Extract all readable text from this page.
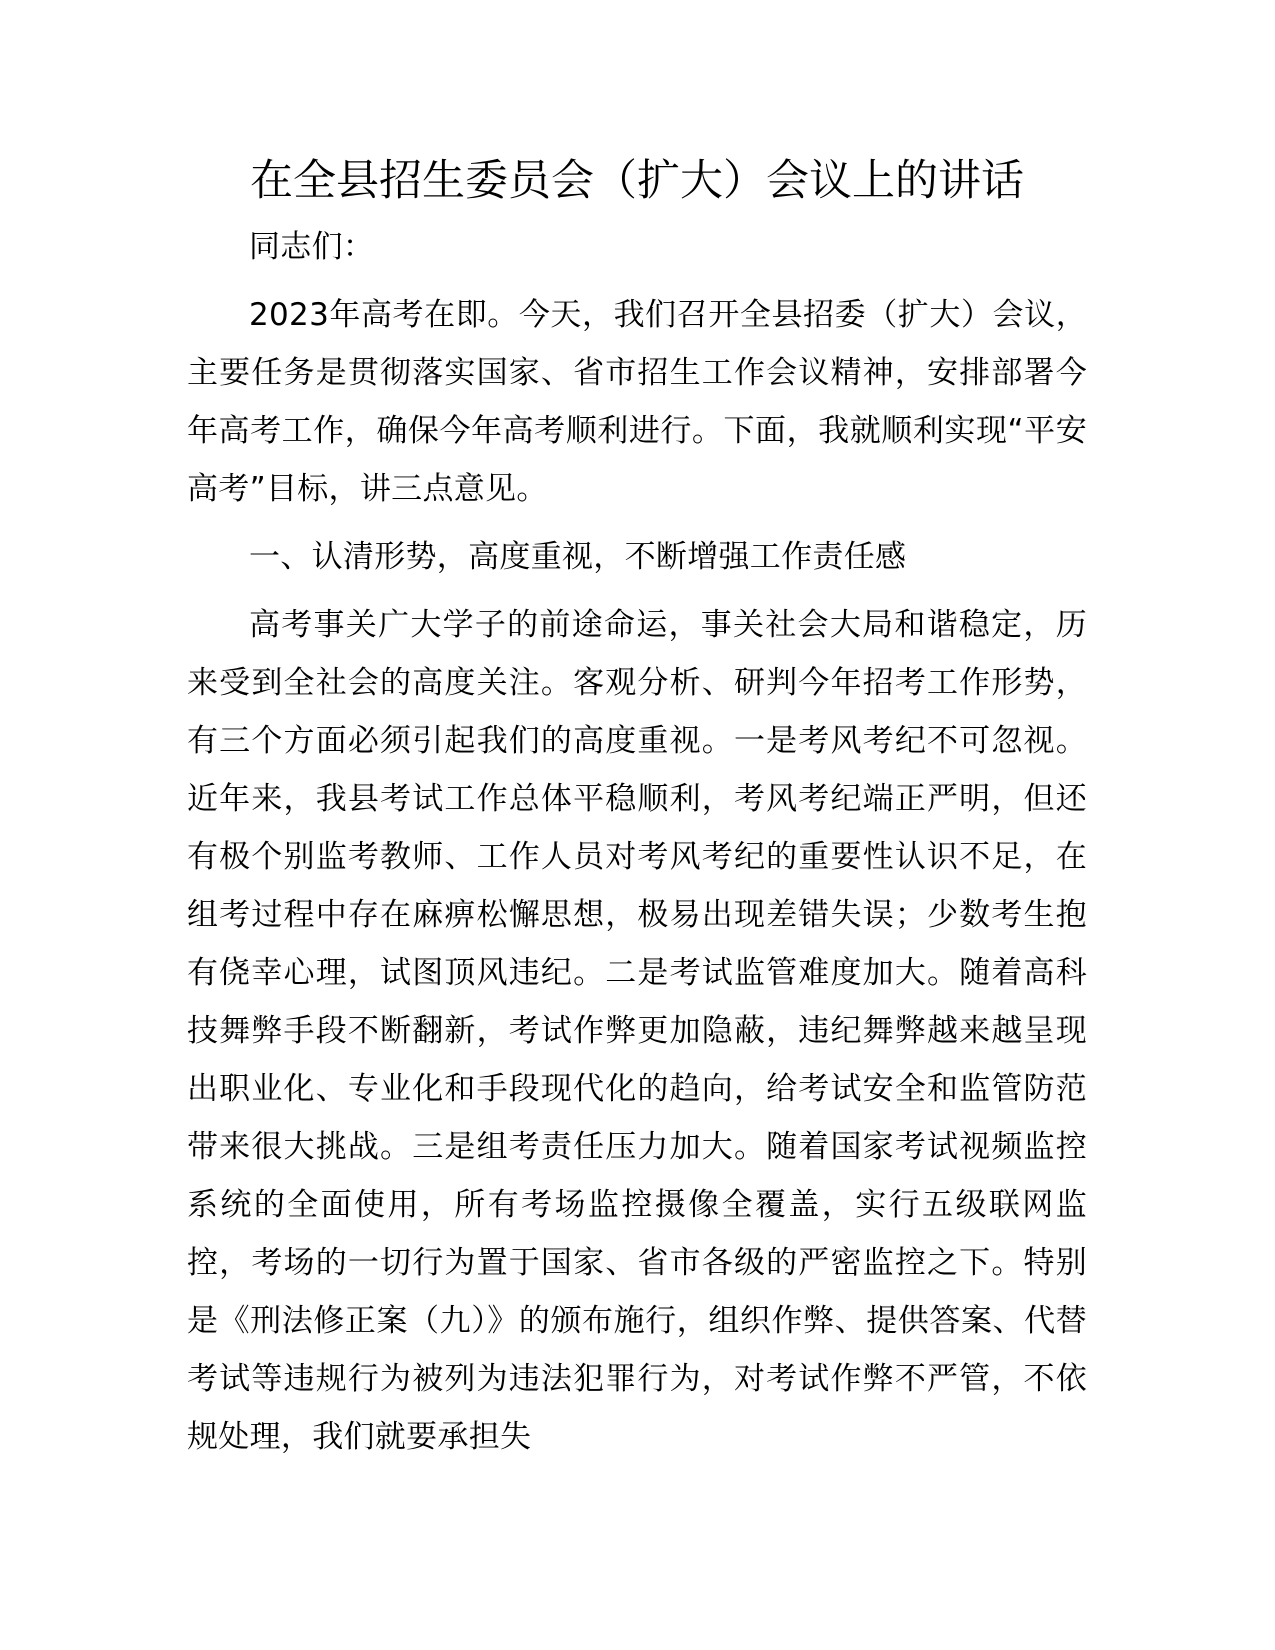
在全县招生委员会（扩大）会议上的讲话

同志们：

2023年高考在即。今天，我们召开全县招委（扩大）会议，主要任务是贯彻落实国家、省市招生工作会议精神，安排部署今年高考工作，确保今年高考顺利进行。下面，我就顺利实现“平安高考”目标，讲三点意见。

一、认清形势，高度重视，不断增强工作责任感

高考事关广大学子的前途命运，事关社会大局和谐稳定，历来受到全社会的高度关注。客观分析、研判今年招考工作形势，有三个方面必须引起我们的高度重视。一是考风考纪不可忽视。近年来，我县考试工作总体平稳顺利，考风考纪端正严明，但还有极个别监考教师、工作人员对考风考纪的重要性认识不足，在组考过程中存在麻痹松懈思想，极易出现差错失误；少数考生抱有侥幸心理，试图顶风违纪。二是考试监管难度加大。随着高科技舞弊手段不断翻新，考试作弊更加隐蔽，违纪舞弊越来越呈现出职业化、专业化和手段现代化的趋向，给考试安全和监管防范带来很大挑战。三是组考责任压力加大。随着国家考试视频监控系统的全面使用，所有考场监控摄像全覆盖，实行五级联网监控，考场的一切行为置于国家、省市各级的严密监控之下。特别是《刑法修正案（九）》的颁布施行，组织作弊、提供答案、代替考试等违规行为被列为违法犯罪行为，对考试作弊不严管，不依规处理，我们就要承担失
